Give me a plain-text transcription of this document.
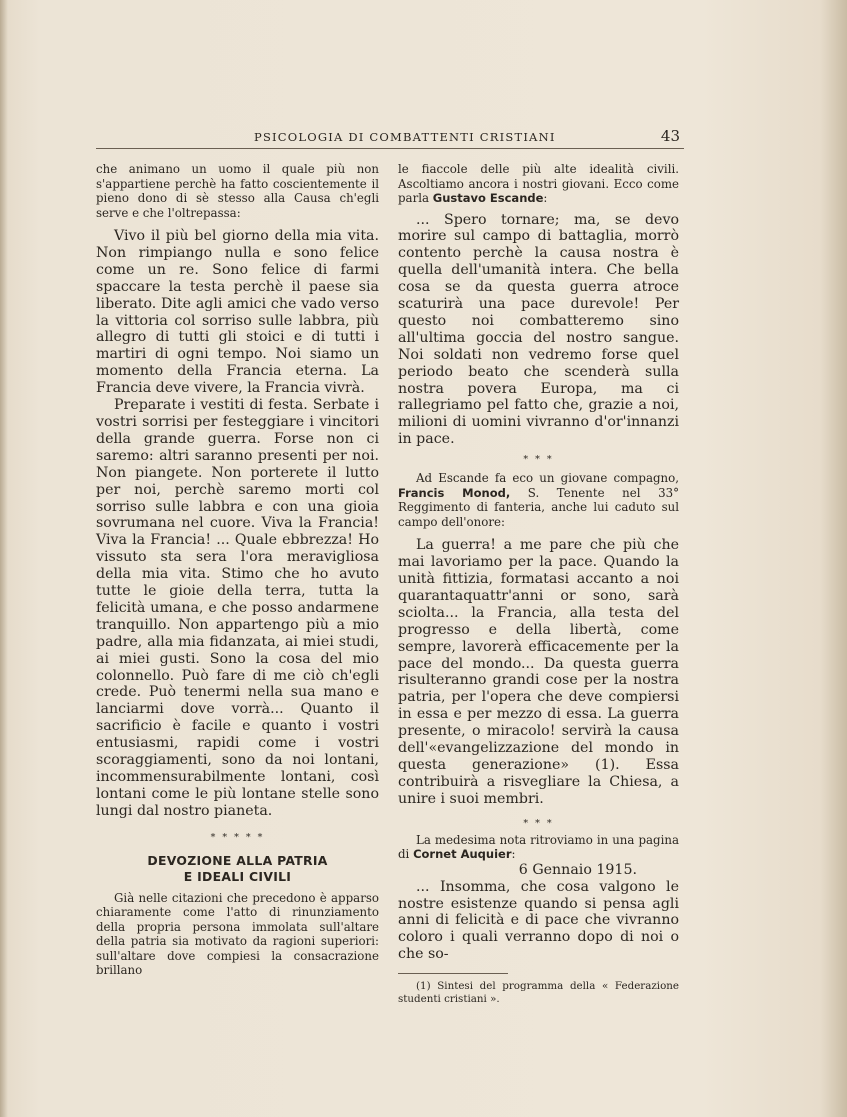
PSICOLOGIA DI COMBATTENTI CRISTIANI	43

che animano un uomo il quale più non s'appartiene perchè ha fatto coscientemente il pieno dono di sè stesso alla Causa ch'egli serve e che l'oltrepassa:

Vivo il più bel giorno della mia vita. Non rimpiango nulla e sono felice come un re. Sono felice di farmi spaccare la testa perchè il paese sia liberato. Dite agli amici che vado verso la vittoria col sorriso sulle labbra, più allegro di tutti gli stoici e di tutti i martiri di ogni tempo. Noi siamo un momento della Francia eterna. La Francia deve vivere, la Francia vivrà.

Preparate i vestiti di festa. Serbate i vostri sorrisi per festeggiare i vincitori della grande guerra. Forse non ci saremo: altri saranno presenti per noi. Non piangete. Non porterete il lutto per noi, perchè saremo morti col sorriso sulle labbra e con una gioia sovrumana nel cuore. Viva la Francia! Viva la Francia! ... Quale ebbrezza! Ho vissuto sta sera l'ora meravigliosa della mia vita. Stimo che ho avuto tutte le gioie della terra, tutta la felicità umana, e che posso andarmene tranquillo. Non appartengo più a mio padre, alla mia fidanzata, ai miei studi, ai miei gusti. Sono la cosa del mio colonnello. Può fare di me ciò ch'egli crede. Può tenermi nella sua mano e lanciarmi dove vorrà... Quanto il sacrificio è facile e quanto i vostri entusiasmi, rapidi come i vostri scoraggiamenti, sono da noi lontani, incommensurabilmente lontani, così lontani come le più lontane stelle sono lungi dal nostro pianeta.

* * * * *
DEVOZIONE ALLA PATRIA
E IDEALI CIVILI

Già nelle citazioni che precedono è apparso chiaramente come l'atto di rinunziamento della propria persona immolata sull'altare della patria sia motivato da ragioni superiori: sull'altare dove compiesi la consacrazione brillano

le fiaccole delle più alte idealità civili. Ascoltiamo ancora i nostri giovani. Ecco come parla Gustavo Escande:

... Spero tornare; ma, se devo morire sul campo di battaglia, morrò contento perchè la causa nostra è quella dell'umanità intera. Che bella cosa se da questa guerra atroce scaturirà una pace durevole! Per questo noi combatteremo sino all'ultima goccia del nostro sangue. Noi soldati non vedremo forse quel periodo beato che scenderà sulla nostra povera Europa, ma ci rallegriamo pel fatto che, grazie a noi, milioni di uomini vivranno d'or'innanzi in pace.

* * *

Ad Escande fa eco un giovane compagno, Francis Monod, S. Tenente nel 33° Reggimento di fanteria, anche lui caduto sul campo dell'onore:

La guerra! a me pare che più che mai lavoriamo per la pace. Quando la unità fittizia, formatasi accanto a noi quarantaquattr'anni or sono, sarà sciolta... la Francia, alla testa del progresso e della libertà, come sempre, lavorerà efficacemente per la pace del mondo... Da questa guerra risulteranno grandi cose per la nostra patria, per l'opera che deve compiersi in essa e per mezzo di essa. La guerra presente, o miracolo! servirà la causa dell'«evangelizzazione del mondo in questa generazione» (1). Essa contribuirà a risvegliare la Chiesa, a unire i suoi membri.

* * *

La medesima nota ritroviamo in una pagina di Cornet Auquier:

6 Gennaio 1915.

... Insomma, che cosa valgono le nostre esistenze quando si pensa agli anni di felicità e di pace che vivranno coloro i quali verranno dopo di noi o che so-

(1) Sintesi del programma della « Federazione studenti cristiani ».
